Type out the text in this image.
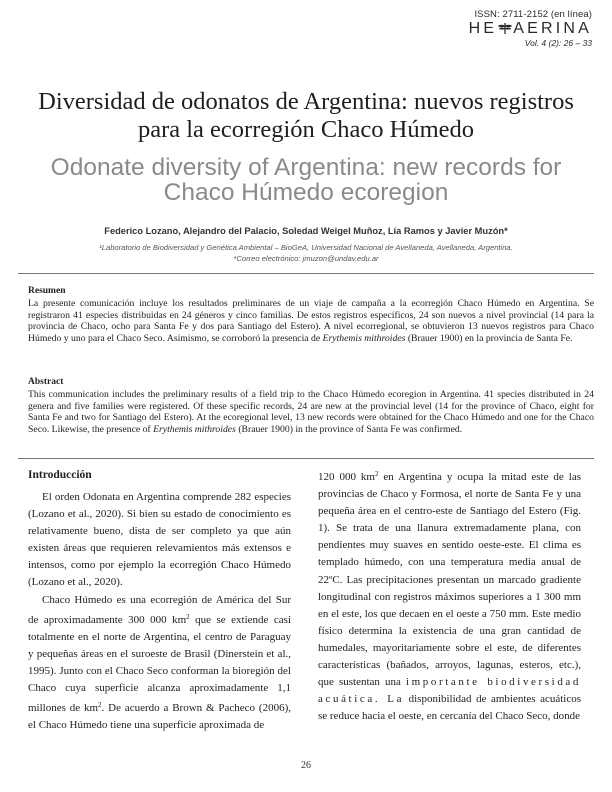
ISSN: 2711-2152 (en línea)
HE AERINA
Vol. 4 (2): 26 – 33
Diversidad de odonatos de Argentina: nuevos registros para la ecorregión Chaco Húmedo
Odonate diversity of Argentina: new records for Chaco Húmedo ecoregion
Federico Lozano, Alejandro del Palacio, Soledad Weigel Muñoz, Lía Ramos y Javier Muzón*
¹Laboratorio de Biodiversidad y Genética Ambiental – BioGeA, Universidad Nacional de Avellaneda, Avellaneda, Argentina.
*Correo electrónico: jmuzon@undav.edu.ar
Resumen
La presente comunicación incluye los resultados preliminares de un viaje de campaña a la ecorregión Chaco Húmedo en Argentina. Se registraron 41 especies distribuidas en 24 géneros y cinco familias. De estos registros específicos, 24 son nuevos a nivel provincial (14 para la provincia de Chaco, ocho para Santa Fe y dos para Santiago del Estero). A nivel ecorregional, se obtuvieron 13 nuevos registros para Chaco Húmedo y uno para el Chaco Seco. Asimismo, se corroboró la presencia de Erythemis mithroides (Brauer 1900) en la provincia de Santa Fe.
Abstract
This communication includes the preliminary results of a field trip to the Chaco Húmedo ecoregion in Argentina. 41 species distributed in 24 genera and five families were registered. Of these specific records, 24 are new at the provincial level (14 for the province of Chaco, eight for Santa Fe and two for Santiago del Estero). At the ecoregional level, 13 new records were obtained for the Chaco Húmedo and one for the Chaco Seco. Likewise, the presence of Erythemis mithroides (Brauer 1900) in the province of Santa Fe was confirmed.
Introducción

El orden Odonata en Argentina comprende 282 especies (Lozano et al., 2020). Si bien su estado de conocimiento es relativamente bueno, dista de ser completo ya que aún existen áreas que requieren relevamientos más extensos e intensos, como por ejemplo la ecorregión Chaco Húmedo (Lozano et al., 2020).

Chaco Húmedo es una ecorregión de América del Sur de aproximadamente 300 000 $km^2$ que se extiende casi totalmente en el norte de Argentina, el centro de Paraguay y pequeñas áreas en el suroeste de Brasil (Dinerstein et al., 1995). Junto con el Chaco Seco conforman la bioregión del Chaco cuya superficie alcanza aproximadamente 1,1 millones de $km^2$. De acuerdo a Brown & Pacheco (2006), el Chaco Húmedo tiene una superficie aproximada de

120 000 $km^2$ en Argentina y ocupa la mitad este de las provincias de Chaco y Formosa, el norte de Santa Fe y una pequeña área en el centro-este de Santiago del Estero (Fig. 1). Se trata de una llanura extremadamente plana, con pendientes muy suaves en sentido oeste-este. El clima es templado húmedo, con una temperatura media anual de 22ºC. Las precipitaciones presentan un marcado gradiente longitudinal con registros máximos superiores a 1 300 mm en el este, los que decaen en el oeste a 750 mm. Este medio físico determina la existencia de una gran cantidad de humedales, mayoritariamente sobre el este, de diferentes características (bañados, arroyos, lagunas, esteros, etc.), que sustentan una importante biodiversidad acuática. La disponibilidad de ambientes acuáticos se reduce hacia el oeste, en cercanía del Chaco Seco, donde

26
